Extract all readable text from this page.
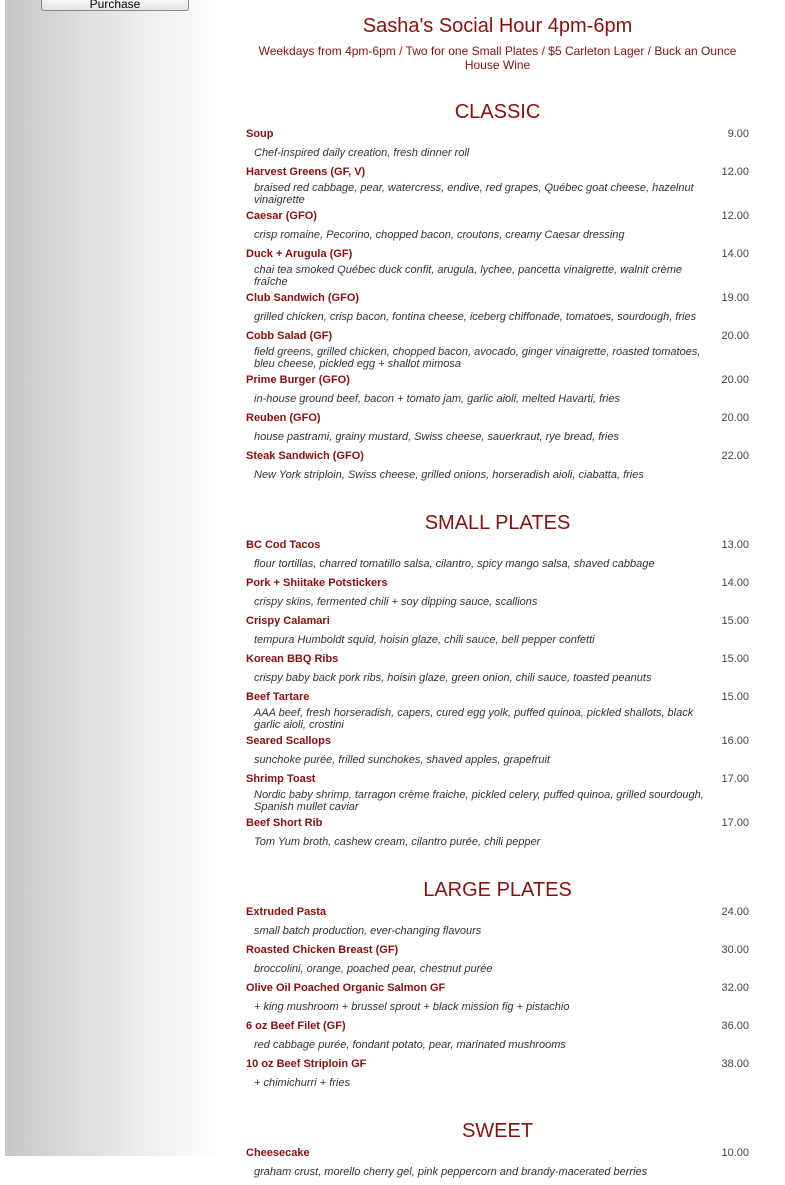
Purchase
Sasha's Social Hour 4pm-6pm

Weekdays from 4pm-6pm / Two for one Small Plates / $5 Carleton Lager / Buck an Ounce House Wine

CLASSIC
Soup	9.00
Chef-inspired daily creation, fresh dinner roll
Harvest Greens (GF, V)	12.00
braised red cabbage, pear, watercress, endive, red grapes, Québec goat cheese, hazelnut vinaigrette
Caesar (GFO)	12.00
crisp romaine, Pecorino, chopped bacon, croutons, creamy Caesar dressing
Duck + Arugula (GF)	14.00
chai tea smoked Québec duck confit, arugula, lychee, pancetta vinaigrette, walnit crème fraîche
Club Sandwich (GFO)	19.00
grilled chicken, crisp bacon, fontina cheese, iceberg chiffonade, tomatoes, sourdough, fries
Cobb Salad (GF)	20.00
field greens, grilled chicken, chopped bacon, avocado, ginger vinaigrette, roasted tomatoes, bleu cheese, pickled egg + shallot mimosa
Prime Burger (GFO)	20.00
in-house ground beef, bacon + tomato jam, garlic aioli, melted Havarti, fries
Reuben (GFO)	20.00
house pastrami, grainy mustard, Swiss cheese, sauerkraut, rye bread, fries
Steak Sandwich (GFO)	22.00
New York striploin, Swiss cheese, grilled onions, horseradish aioli, ciabatta, fries
SMALL PLATES
BC Cod Tacos	13.00
flour tortillas, charred tomatillo salsa, cilantro, spicy mango salsa, shaved cabbage
Pork + Shiitake Potstickers	14.00
crispy skins, fermented chili + soy dipping sauce, scallions
Crispy Calamari	15.00
tempura Humboldt squid, hoisin glaze, chili sauce, bell pepper confetti
Korean BBQ Ribs	15.00
crispy baby back pork ribs, hoisin glaze, green onion, chili sauce, toasted peanuts
Beef Tartare	15.00
AAA beef, fresh horseradish, capers, cured egg yolk, puffed quinoa, pickled shallots, black garlic aioli, crostini
Seared Scallops	16.00
sunchoke purée, frilled sunchokes, shaved apples, grapefruit
Shrimp Toast	17.00
Nordic baby shrimp, tarragon crème fraiche, pickled celery, puffed quinoa, grilled sourdough, Spanish mullet caviar
Beef Short Rib	17.00
Tom Yum broth, cashew cream, cilantro purée, chili pepper
LARGE PLATES
Extruded Pasta	24.00
small batch production, ever-changing flavours
Roasted Chicken Breast (GF)	30.00
broccolini, orange, poached pear, chestnut purée
Olive Oil Poached Organic Salmon GF	32.00
+ king mushroom + brussel sprout + black mission fig + pistachio
6 oz Beef Filet (GF)	36.00
red cabbage purée, fondant potato, pear, marinated mushrooms
10 oz Beef Striploin GF	38.00
+ chimichurri + fries
SWEET
Cheesecake	10.00
graham crust, morello cherry gel, pink peppercorn and brandy-macerated berries
